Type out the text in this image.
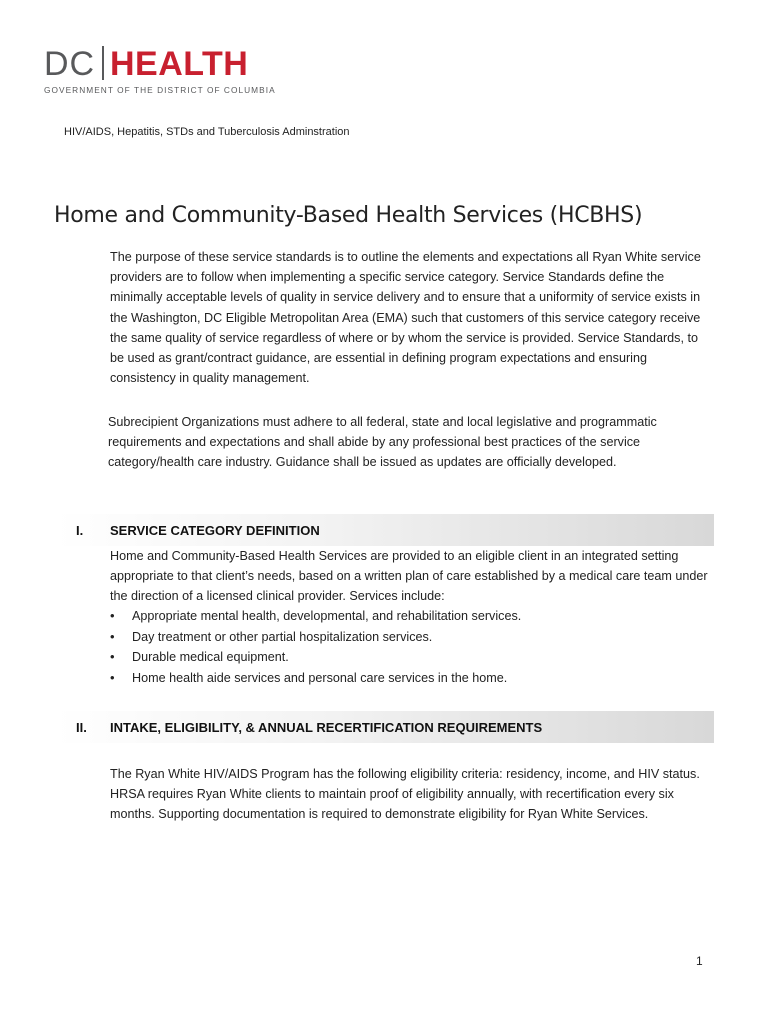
DC HEALTH
GOVERNMENT OF THE DISTRICT OF COLUMBIA
HIV/AIDS, Hepatitis, STDs and Tuberculosis Adminstration
Home and Community-Based Health Services (HCBHS)

The purpose of these service standards is to outline the elements and expectations all Ryan White service providers are to follow when implementing a specific service category. Service Standards define the minimally acceptable levels of quality in service delivery and to ensure that a uniformity of service exists in the Washington, DC Eligible Metropolitan Area (EMA) such that customers of this service category receive the same quality of service regardless of where or by whom the service is provided. Service Standards, to be used as grant/contract guidance, are essential in defining program expectations and ensuring consistency in quality management.

Subrecipient Organizations must adhere to all federal, state and local legislative and programmatic requirements and expectations and shall abide by any professional best practices of the service category/health care industry. Guidance shall be issued as updates are officially developed.

I. SERVICE CATEGORY DEFINITION

Home and Community-Based Health Services are provided to an eligible client in an integrated setting appropriate to that client’s needs, based on a written plan of care established by a medical care team under the direction of a licensed clinical provider. Services include:

• Appropriate mental health, developmental, and rehabilitation services.
• Day treatment or other partial hospitalization services.
• Durable medical equipment.
• Home health aide services and personal care services in the home.
II. INTAKE, ELIGIBILITY, & ANNUAL RECERTIFICATION REQUIREMENTS

The Ryan White HIV/AIDS Program has the following eligibility criteria: residency, income, and HIV status. HRSA requires Ryan White clients to maintain proof of eligibility annually, with recertification every six months. Supporting documentation is required to demonstrate eligibility for Ryan White Services.

1
